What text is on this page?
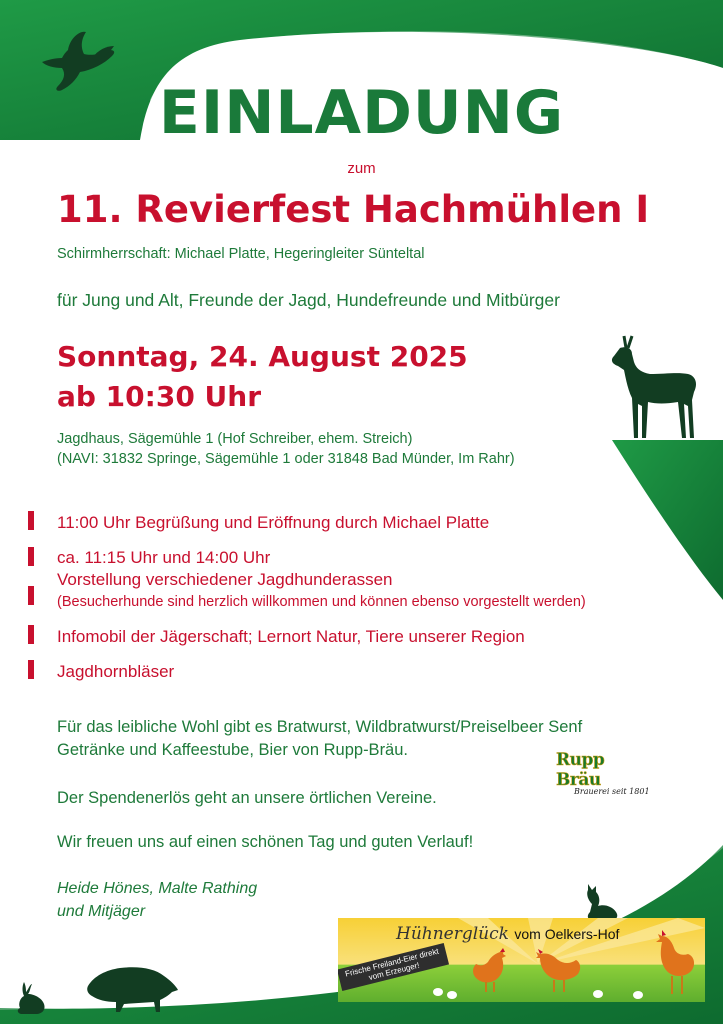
EINLADUNG
zum
11. Revierfest Hachmühlen I
Schirmherrschaft: Michael Platte, Hegeringleiter Sünteltal
für Jung und Alt, Freunde der Jagd, Hundefreunde und Mitbürger
Sonntag, 24. August 2025
ab 10:30 Uhr
Jagdhaus, Sägemühle 1 (Hof Schreiber, ehem. Streich)
(NAVI: 31832 Springe, Sägemühle 1 oder 31848 Bad Münder, Im Rahr)
11:00 Uhr Begrüßung und Eröffnung durch Michael Platte
ca. 11:15 Uhr und 14:00 Uhr
Vorstellung verschiedener Jagdhunderassen
(Besucherhunde sind herzlich willkommen und können ebenso vorgestellt werden)
Infomobil der Jägerschaft; Lernort Natur, Tiere unserer Region
Jagdhornbläser
Für das leibliche Wohl gibt es Bratwurst, Wildbratwurst/Preiselbeer Senf
Getränke und Kaffeestube, Bier von Rupp-Bräu.
Der Spendenerlös geht an unsere örtlichen Vereine.
Wir freuen uns auf einen schönen Tag und guten Verlauf!
Heide Hönes, Malte Rathing
und Mitjäger
Rupp Bräu
Brauerei seit 1801
Hühnerglück vom Oelkers-Hof
Frische Freiland-Eier direkt vom Erzeuger!
